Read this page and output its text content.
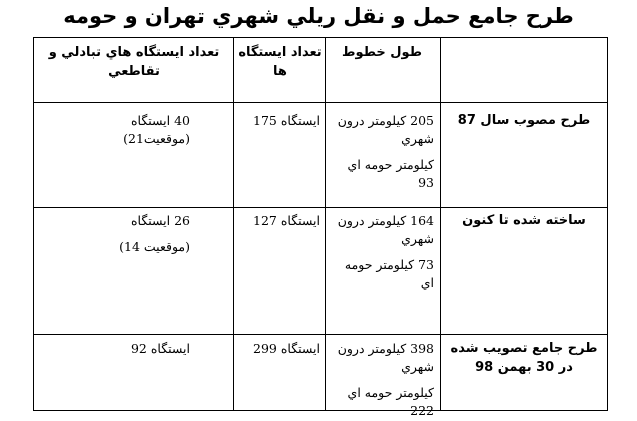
طرح جامع حمل و نقل ريلي شهري تهران و حومه
طول خطوط
تعداد ايستگاه ها
تعداد ايستگاه هاي تبادلي و تقاطعي
طرح مصوب سال 87

205 كيلومتر درون شهري

كيلومتر حومه اي 93

ايستگاه 175

40 ايستگاه

(موقعيت21)

ساخته شده تا كنون

164 كيلومتر درون شهري

73 كيلومتر حومه اي

ايستگاه 127

26 ايستگاه

(موقعيت 14)

طرح جامع تصويب شده در 30 بهمن 98

398 كيلومتر درون شهري

كيلومتر حومه اي 222

ايستگاه 299
ايستگاه 92
